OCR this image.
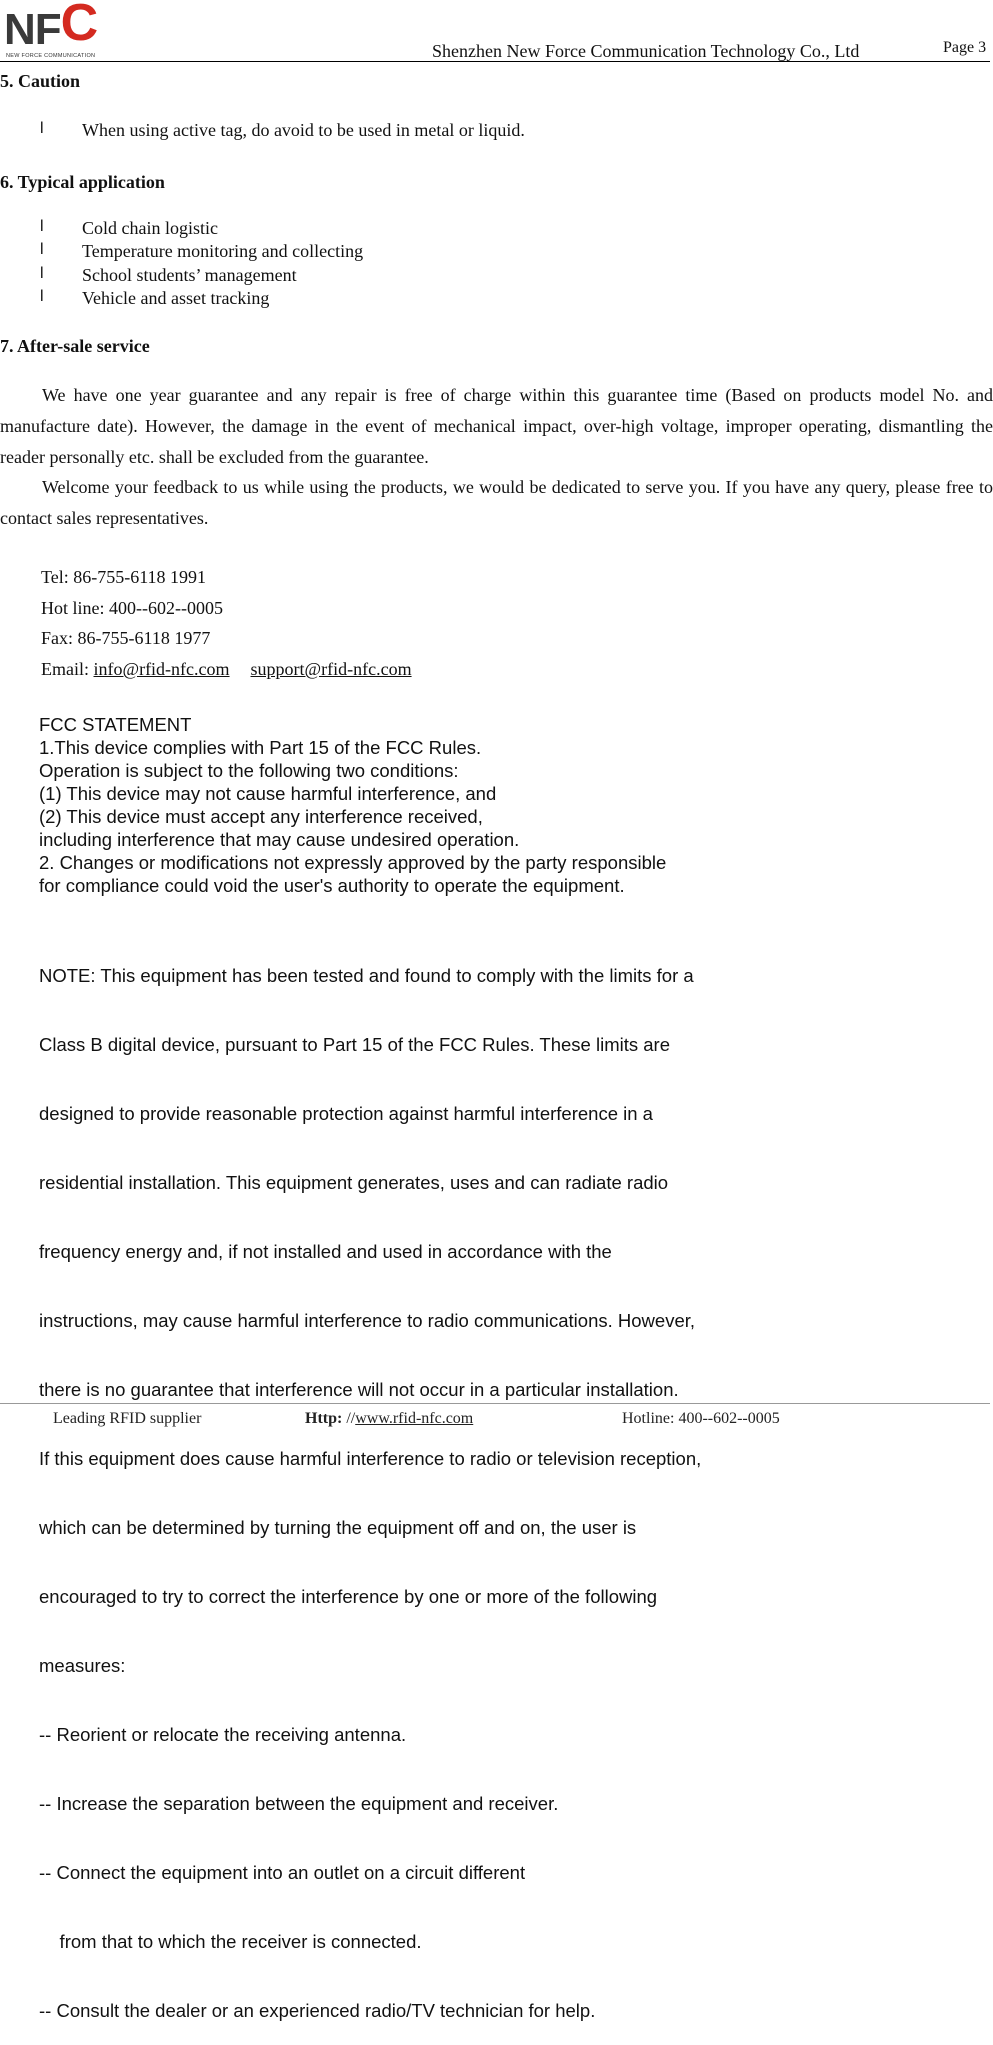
NFC
NEW FORCE COMMUNICATION	Shenzhen New Force Communication Technology Co., Ltd	Page 3
5. Caution
l When using active tag, do avoid to be used in metal or liquid.
6. Typical application
l Cold chain logistic
l Temperature monitoring and collecting
l School students’ management
l Vehicle and asset tracking
7. After-sale service
We have one year guarantee and any repair is free of charge within this guarantee time (Based on products model No. and manufacture date). However, the damage in the event of mechanical impact, over-high voltage, improper operating, dismantling the reader personally etc. shall be excluded from the guarantee.
Welcome your feedback to us while using the products, we would be dedicated to serve you. If you have any query, please free to contact sales representatives.
Tel: 86-755-6118 1991
Hot line: 400--602--0005
Fax: 86-755-6118 1977
Email: info@rfid-nfc.com support@rfid-nfc.com
FCC STATEMENT
1.This device complies with Part 15 of the FCC Rules.
Operation is subject to the following two conditions:
(1) This device may not cause harmful interference, and
(2) This device must accept any interference received,
including interference that may cause undesired operation.
2. Changes or modifications not expressly approved by the party responsible
for compliance could void the user's authority to operate the equipment.

NOTE: This equipment has been tested and found to comply with the limits for a

Class B digital device, pursuant to Part 15 of the FCC Rules. These limits are

designed to provide reasonable protection against harmful interference in a

residential installation. This equipment generates, uses and can radiate radio

frequency energy and, if not installed and used in accordance with the

instructions, may cause harmful interference to radio communications. However,

there is no guarantee that interference will not occur in a particular installation.

If this equipment does cause harmful interference to radio or television reception,

which can be determined by turning the equipment off and on, the user is

encouraged to try to correct the interference by one or more of the following

measures:

-- Reorient or relocate the receiving antenna.

-- Increase the separation between the equipment and receiver.

-- Connect the equipment into an outlet on a circuit different

from that to which the receiver is connected.

-- Consult the dealer or an experienced radio/TV technician for help.

Leading RFID supplier	Http: //www.rfid-nfc.com	Hotline: 400--602--0005
